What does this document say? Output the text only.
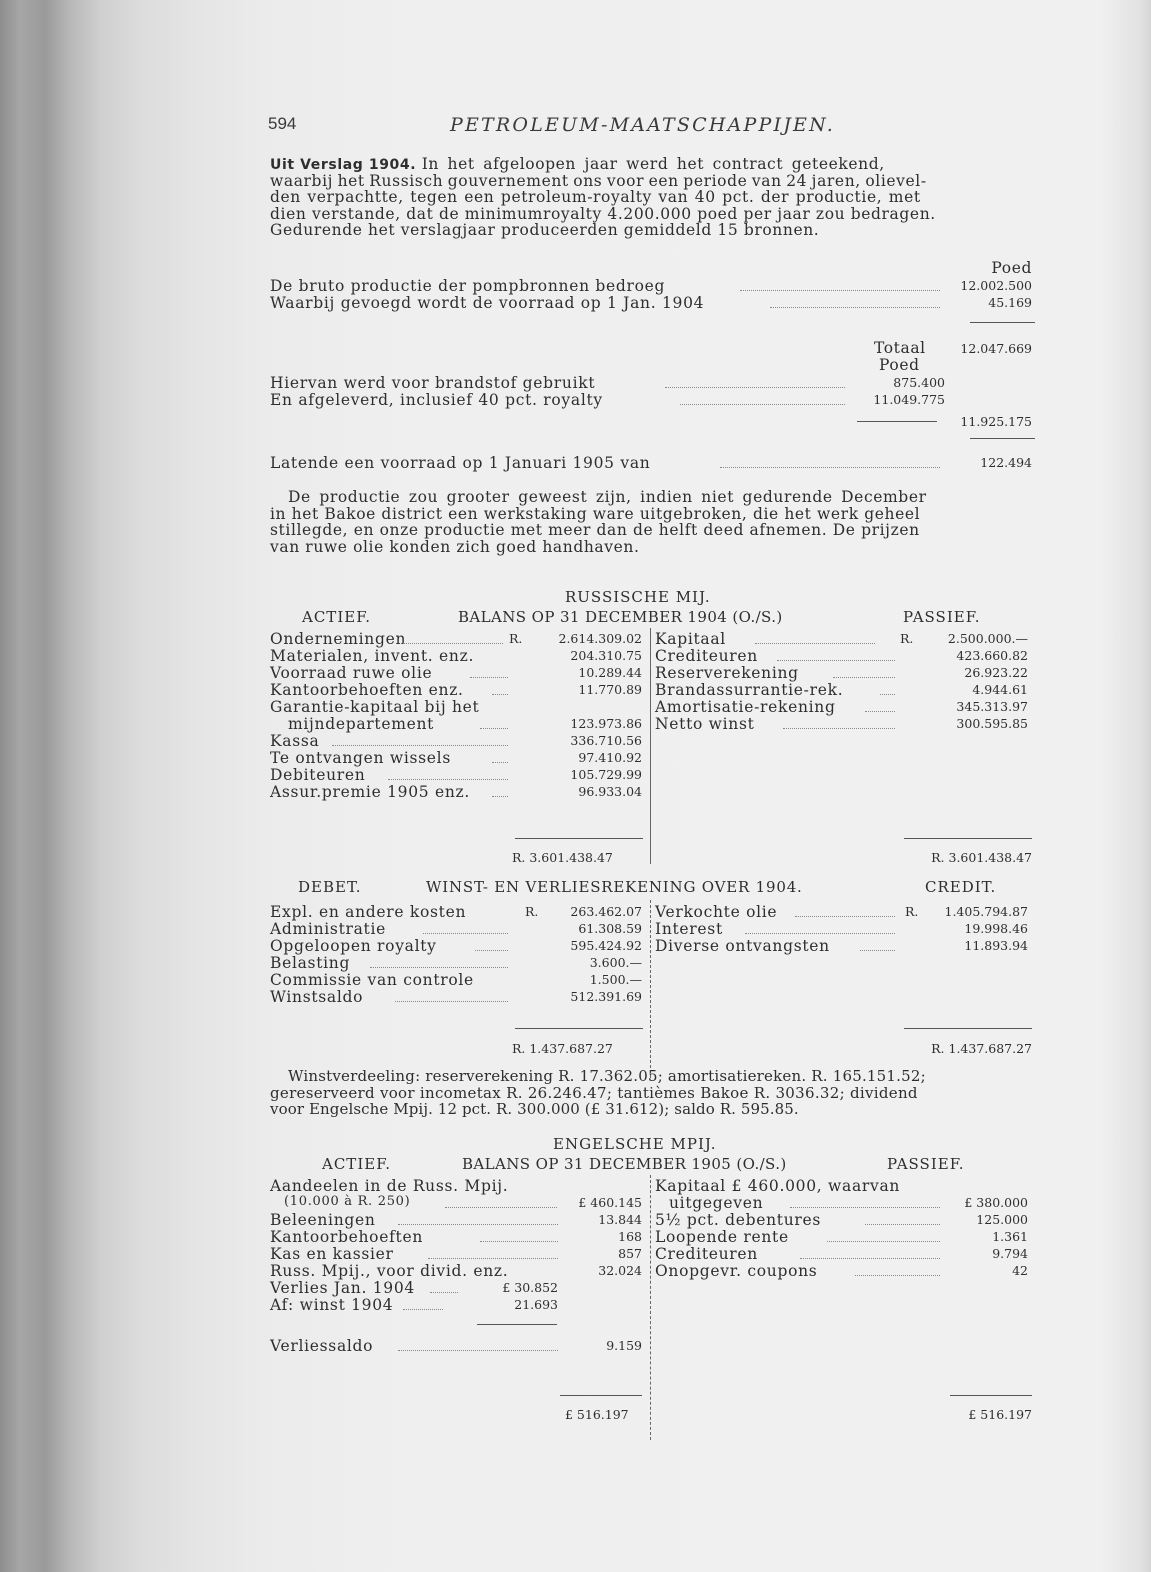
594	PETROLEUM-MAATSCHAPPIJEN.
Uit Verslag 1904. In het afgeloopen jaar werd het contract geteekend,
waarbij het Russisch gouvernement ons voor een periode van 24 jaren, olievel-
den verpachtte, tegen een petroleum-royalty van 40 pct. der productie, met
dien verstande, dat de minimumroyalty 4.200.000 poed per jaar zou bedragen.
Gedurende het verslagjaar produceerden gemiddeld 15 bronnen.
Poed
De bruto productie der pompbronnen bedroeg	12.002.500
Waarbij gevoegd wordt de voorraad op 1 Jan. 1904	45.169
Totaal	12.047.669
Poed
Hiervan werd voor brandstof gebruikt	875.400
En afgeleverd, inclusief 40 pct. royalty	11.049.775
11.925.175
Latende een voorraad op 1 Januari 1905 van	122.494
De productie zou grooter geweest zijn, indien niet gedurende December
in het Bakoe district een werkstaking ware uitgebroken, die het werk geheel
stillegde, en onze productie met meer dan de helft deed afnemen. De prijzen
van ruwe olie konden zich goed handhaven.
RUSSISCHE MIJ.
ACTIEF.	BALANS OP 31 DECEMBER 1904 (O./S.)	PASSIEF.
Ondernemingen	R.	2.614.309.02
Materialen, invent. enz.	204.310.75
Voorraad ruwe olie	10.289.44
Kantoorbehoeften enz.	11.770.89
Garantie-kapitaal bij het
mijndepartement	123.973.86
Kassa	336.710.56
Te ontvangen wissels	97.410.92
Debiteuren	105.729.99
Assur.premie 1905 enz.	96.933.04
Kapitaal	R.	2.500.000.—
Crediteuren	423.660.82
Reserverekening	26.923.22
Brandassurrantie-rek.	4.944.61
Amortisatie-rekening	345.313.97
Netto winst	300.595.85
R. 3.601.438.47	R. 3.601.438.47
DEBET.	WINST- EN VERLIESREKENING OVER 1904.	CREDIT.
Expl. en andere kosten	R.	263.462.07
Administratie	61.308.59
Opgeloopen royalty	595.424.92
Belasting	3.600.—
Commissie van controle	1.500.—
Winstsaldo	512.391.69
Verkochte olie	R. 1.405.794.87
Interest	19.998.46
Diverse ontvangsten	11.893.94
R. 1.437.687.27	R. 1.437.687.27
Winstverdeeling: reserverekening R. 17.362.05; amortisatiereken. R. 165.151.52;
gereserveerd voor incometax R. 26.246.47; tantièmes Bakoe R. 3036.32; dividend
voor Engelsche Mpij. 12 pct. R. 300.000 (£ 31.612); saldo R. 595.85.
ENGELSCHE MPIJ.
ACTIEF.	BALANS OP 31 DECEMBER 1905 (O./S.)	PASSIEF.
Aandeelen in de Russ. Mpij.
(10.000 à R. 250)	£ 460.145
Beleeningen	13.844
Kantoorbehoeften	168
Kas en kassier	857
Russ. Mpij., voor divid. enz.	32.024
Verlies Jan. 1904	£ 30.852
Af: winst 1904	21.693
Verliessaldo	9.159
Kapitaal £ 460.000, waarvan
uitgegeven	£ 380.000
5½ pct. debentures	125.000
Loopende rente	1.361
Crediteuren	9.794
Onopgevr. coupons	42
£ 516.197	£ 516.197
